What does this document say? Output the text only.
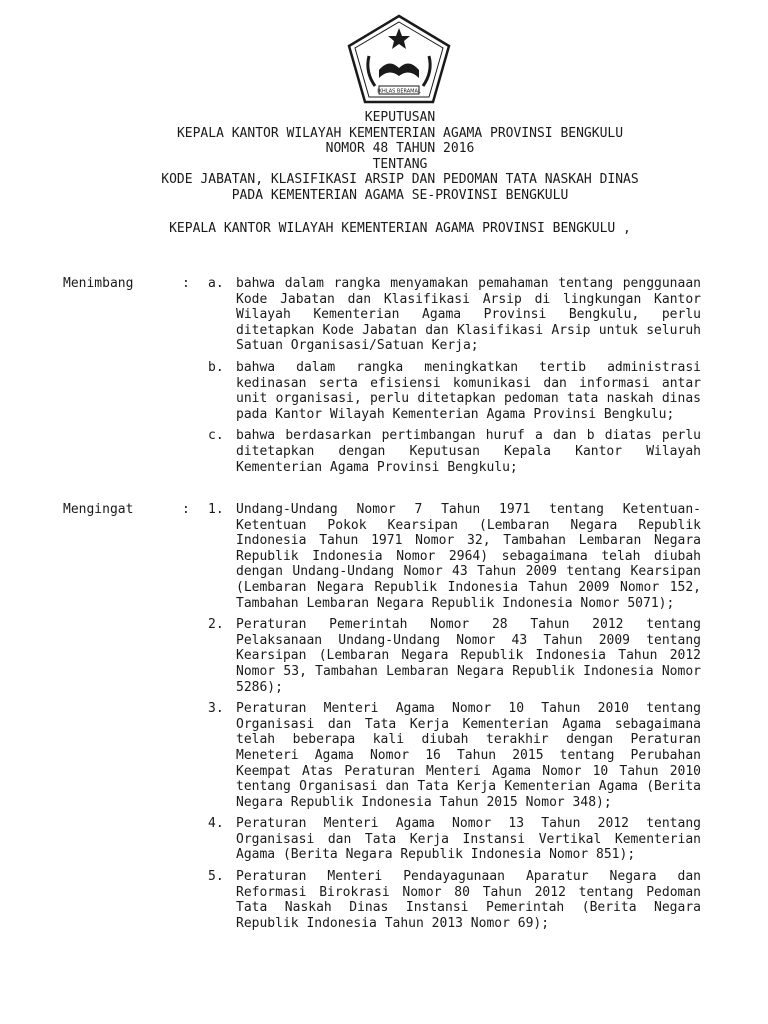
IKHLAS BERAMAL
KEPUTUSAN
KEPALA KANTOR WILAYAH KEMENTERIAN AGAMA PROVINSI BENGKULU
NOMOR 48 TAHUN 2016
TENTANG
KODE JABATAN, KLASIFIKASI ARSIP DAN PEDOMAN TATA NASKAH DINAS
PADA KEMENTERIAN AGAMA SE-PROVINSI BENGKULU
KEPALA KANTOR WILAYAH KEMENTERIAN AGAMA PROVINSI BENGKULU ,
Menimbang	: a. bahwa dalam rangka menyamakan pemahaman tentang penggunaan Kode Jabatan dan Klasifikasi Arsip di lingkungan Kantor Wilayah Kementerian Agama Provinsi Bengkulu, perlu ditetapkan Kode Jabatan dan Klasifikasi Arsip untuk seluruh Satuan Organisasi/Satuan Kerja;
b. bahwa dalam rangka meningkatkan tertib administrasi kedinasan serta efisiensi komunikasi dan informasi antar unit organisasi, perlu ditetapkan pedoman tata naskah dinas pada Kantor Wilayah Kementerian Agama Provinsi Bengkulu;
c. bahwa berdasarkan pertimbangan huruf a dan b diatas perlu ditetapkan dengan Keputusan Kepala Kantor Wilayah Kementerian Agama Provinsi Bengkulu;
Mengingat	: 1. Undang-Undang Nomor 7 Tahun 1971 tentang Ketentuan-Ketentuan Pokok Kearsipan (Lembaran Negara Republik Indonesia Tahun 1971 Nomor 32, Tambahan Lembaran Negara Republik Indonesia Nomor 2964) sebagaimana telah diubah dengan Undang-Undang Nomor 43 Tahun 2009 tentang Kearsipan (Lembaran Negara Republik Indonesia Tahun 2009 Nomor 152, Tambahan Lembaran Negara Republik Indonesia Nomor 5071);
2. Peraturan Pemerintah Nomor 28 Tahun 2012 tentang Pelaksanaan Undang-Undang Nomor 43 Tahun 2009 tentang Kearsipan (Lembaran Negara Republik Indonesia Tahun 2012 Nomor 53, Tambahan Lembaran Negara Republik Indonesia Nomor 5286);
3. Peraturan Menteri Agama Nomor 10 Tahun 2010 tentang Organisasi dan Tata Kerja Kementerian Agama sebagaimana telah beberapa kali diubah terakhir dengan Peraturan Meneteri Agama Nomor 16 Tahun 2015 tentang Perubahan Keempat Atas Peraturan Menteri Agama Nomor 10 Tahun 2010 tentang Organisasi dan Tata Kerja Kementerian Agama (Berita Negara Republik Indonesia Tahun 2015 Nomor 348);
4. Peraturan Menteri Agama Nomor 13 Tahun 2012 tentang Organisasi dan Tata Kerja Instansi Vertikal Kementerian Agama (Berita Negara Republik Indonesia Nomor 851);
5. Peraturan Menteri Pendayagunaan Aparatur Negara dan Reformasi Birokrasi Nomor 80 Tahun 2012 tentang Pedoman Tata Naskah Dinas Instansi Pemerintah (Berita Negara Republik Indonesia Tahun 2013 Nomor 69);
